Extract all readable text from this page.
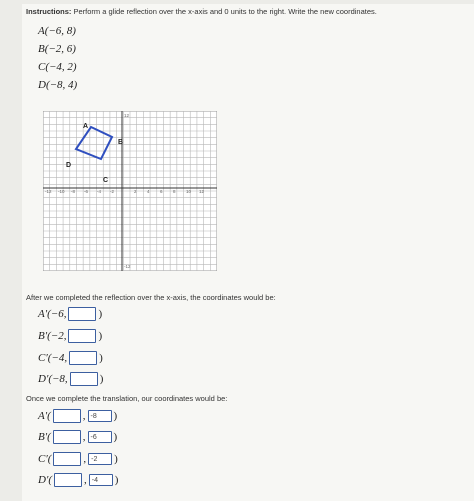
Instructions: Perform a glide reflection over the x-axis and 0 units to the right. Write the new coordinates.
A(−6, 8)
B(−2, 6)
C(−4, 2)
D(−8, 4)
-12 -10 -8 -6 -4 -2	2 4 6 8 10 12
12
-12
A
B
C
D
After we completed the reflection over the x-axis, the coordinates would be:
A′(−6,	)
B′(−2,	)
C′(−4,	)
D′(−8,	)
Once we complete the translation, our coordinates would be:
A′(	, -8	)
B′(	, -6	)
C′(	, -2	)
D′(	, -4	)
